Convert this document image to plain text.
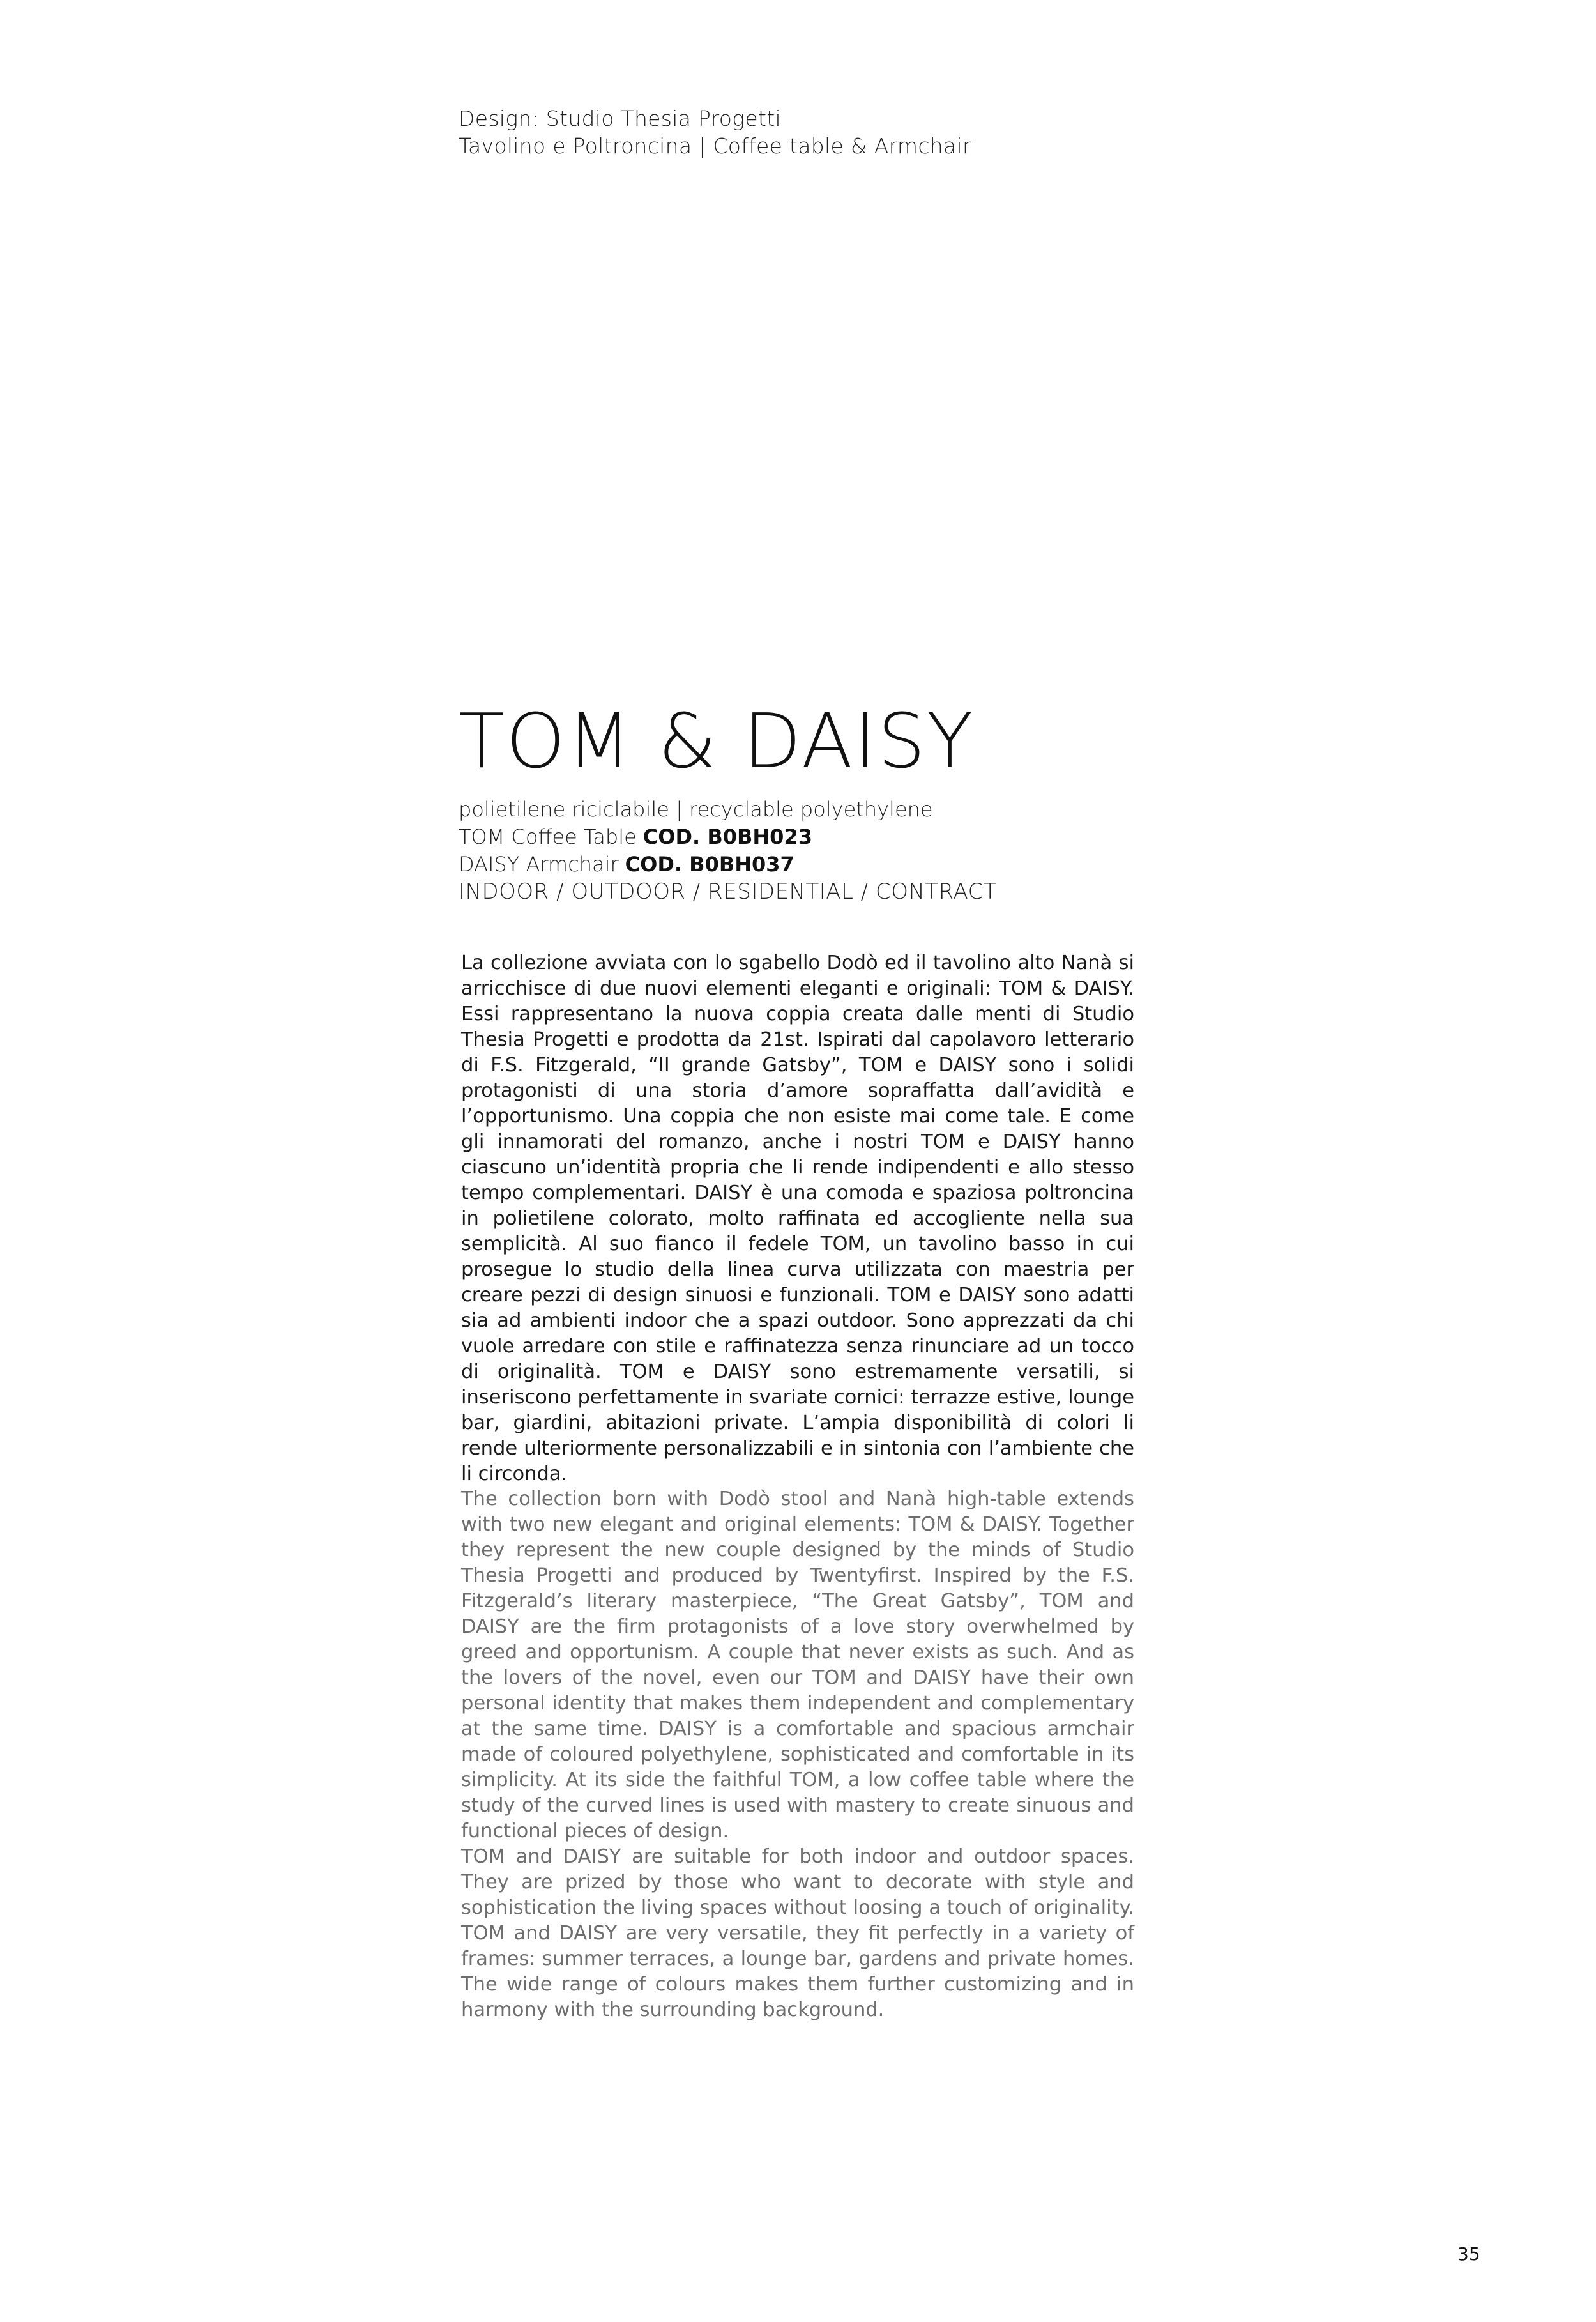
Design: Studio Thesia Progetti
Tavolino e Poltroncina | Coffee table & Armchair
TOM & DAISY
polietilene riciclabile | recyclable polyethylene
TOM Coffee Table COD. B0BH023
DAISY Armchair COD. B0BH037
INDOOR / OUTDOOR / RESIDENTIAL / CONTRACT

La collezione avviata con lo sgabello Dodò ed il tavolino alto Nanà si arricchisce di due nuovi elementi eleganti e originali: TOM & DAISY. Essi rappresentano la nuova coppia creata dalle menti di Studio Thesia Progetti e prodotta da 21st. Ispirati dal capolavoro letterario di F.S. Fitzgerald, “Il grande Gatsby”, TOM e DAISY sono i solidi protagonisti di una storia d’amore sopraffatta dall’avidità e l’opportunismo. Una coppia che non esiste mai come tale. E come gli innamorati del romanzo, anche i nostri TOM e DAISY hanno ciascuno un’identità propria che li rende indipendenti e allo stesso tempo complementari. DAISY è una comoda e spaziosa poltroncina in polietilene colorato, molto raffinata ed accogliente nella sua semplicità. Al suo fianco il fedele TOM, un tavolino basso in cui prosegue lo studio della linea curva utilizzata con maestria per creare pezzi di design sinuosi e funzionali. TOM e DAISY sono adatti sia ad ambienti indoor che a spazi outdoor. Sono apprezzati da chi vuole arredare con stile e raffinatezza senza rinunciare ad un tocco di originalità. TOM e DAISY sono estremamente versatili, si inseriscono perfettamente in svariate cornici: terrazze estive, lounge bar, giardini, abitazioni private. L’ampia disponibilità di colori li rende ulteriormente personalizzabili e in sintonia con l’ambiente che li circonda.

The collection born with Dodò stool and Nanà high-table extends with two new elegant and original elements: TOM & DAISY. Together they represent the new couple designed by the minds of Studio Thesia Progetti and produced by Twentyfirst. Inspired by the F.S. Fitzgerald’s literary masterpiece, “The Great Gatsby”, TOM and DAISY are the firm protagonists of a love story overwhelmed by greed and opportunism. A couple that never exists as such. And as the lovers of the novel, even our TOM and DAISY have their own personal identity that makes them independent and complementary at the same time. DAISY is a comfortable and spacious armchair made of coloured polyethylene, sophisticated and comfortable in its simplicity. At its side the faithful TOM, a low coffee table where the study of the curved lines is used with mastery to create sinuous and functional pieces of design.

TOM and DAISY are suitable for both indoor and outdoor spaces. They are prized by those who want to decorate with style and sophistication the living spaces without loosing a touch of originality. TOM and DAISY are very versatile, they fit perfectly in a variety of frames: summer terraces, a lounge bar, gardens and private homes. The wide range of colours makes them further customizing and in harmony with the surrounding background.

35
